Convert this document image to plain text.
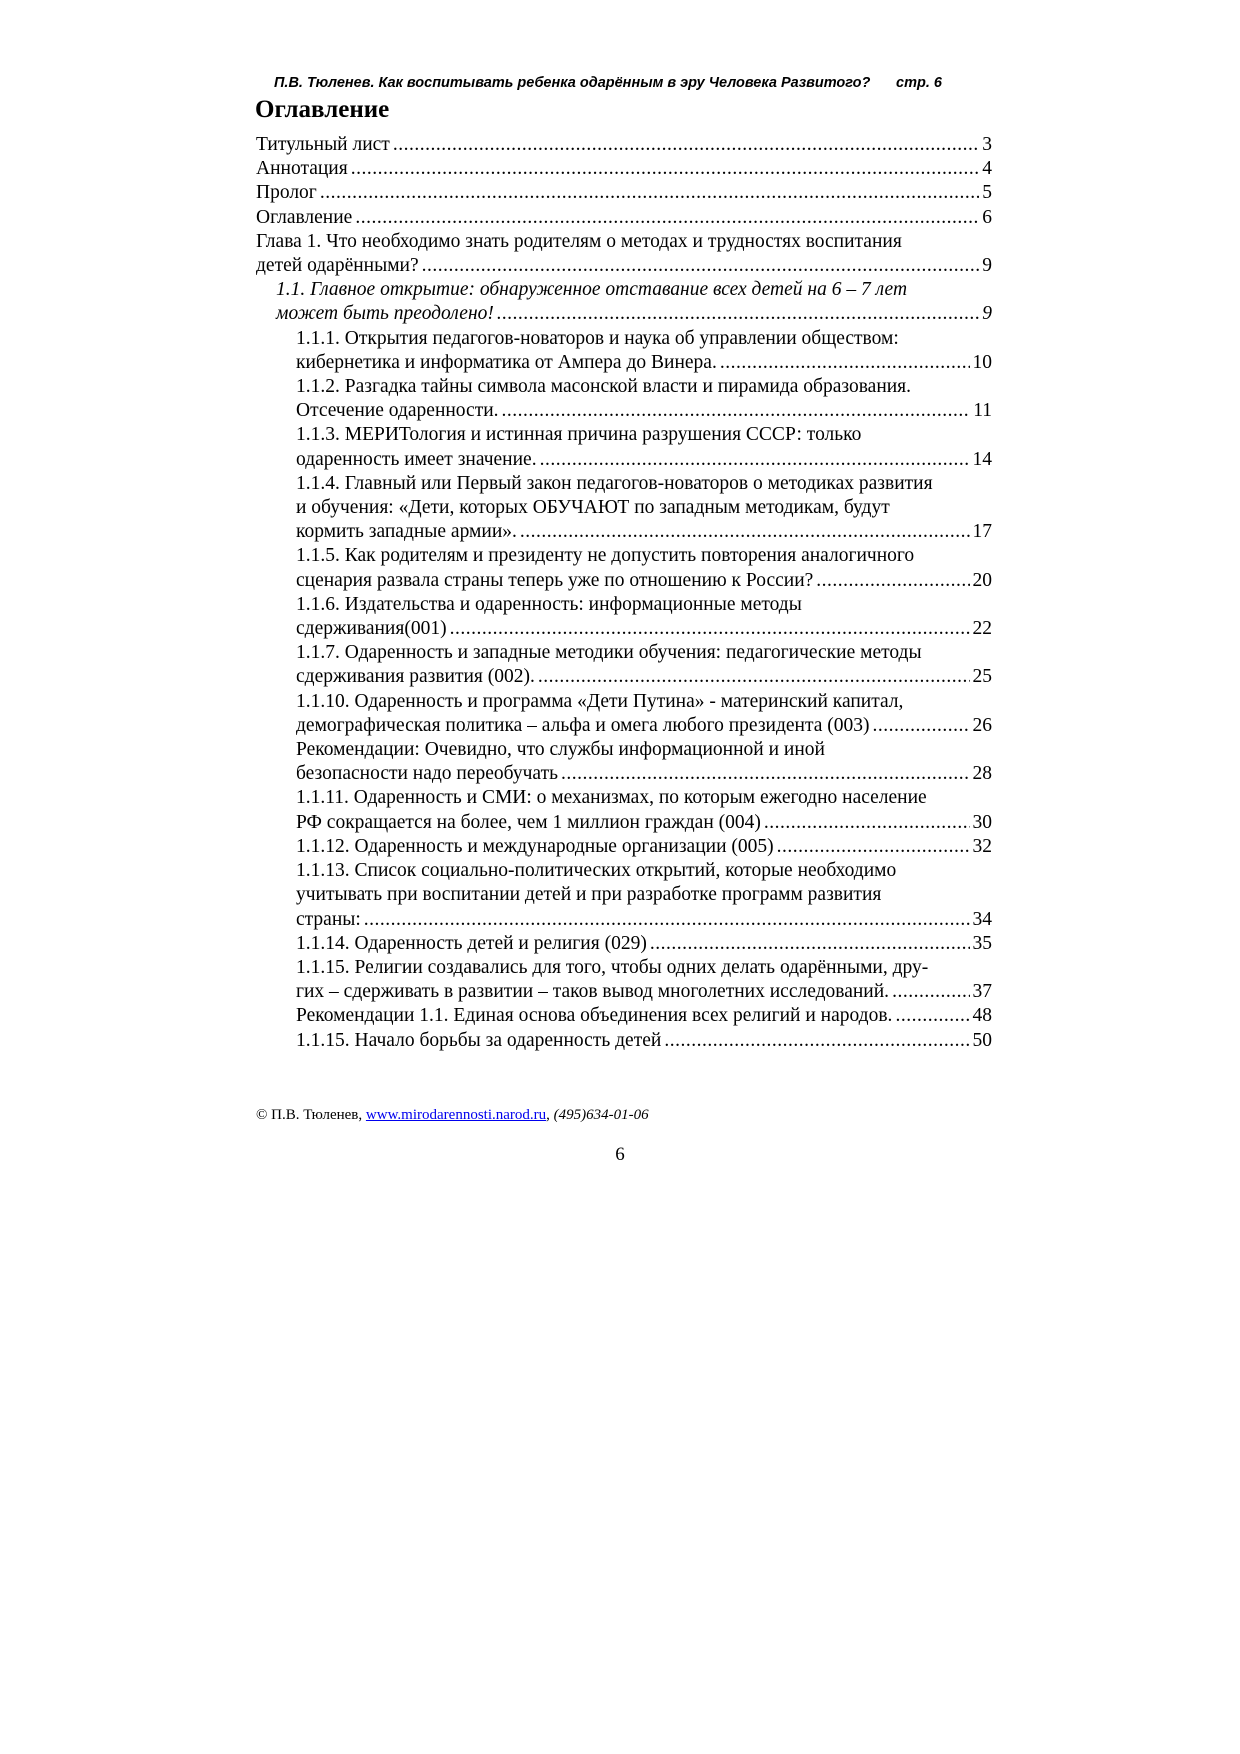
П.В. Тюленев. Как воспитывать ребенка одарённым в эру Человека Развитого? стр. 6
Оглавление
Титульный лист .....	3
Аннотация .....	4
Пролог .....	5
Оглавление .....	6
Глава 1. Что необходимо знать родителям о методах и трудностях воспитания
детей одарёнными? .....	9
1.1. Главное открытие: обнаруженное отставание всех детей на 6 – 7 лет
может быть преодолено! .....	9
1.1.1. Открытия педагогов-новаторов и наука об управлении обществом:
кибернетика и информатика от Ампера до Винера. .....	10
1.1.2. Разгадка тайны символа масонской власти и пирамида образования.
Отсечение одаренности. .....	11
1.1.3. МЕРИТология и истинная причина разрушения СССР: только
одаренность имеет значение. .....	14
1.1.4. Главный или Первый закон педагогов-новаторов о методиках развития
и обучения: «Дети, которых ОБУЧАЮТ по западным методикам, будут
кормить западные армии». .....	17
1.1.5. Как родителям и президенту не допустить повторения аналогичного
сценария развала страны теперь уже по отношению к России? .....	20
1.1.6. Издательства и одаренность: информационные методы
сдерживания(001) .....	22
1.1.7. Одаренность и западные методики обучения: педагогические методы
сдерживания развития (002). .....	25
1.1.10. Одаренность и программа «Дети Путина» - материнский капитал,
демографическая политика – альфа и омега любого президента (003) .....	26
Рекомендации: Очевидно, что службы информационной и иной
безопасности надо переобучать .....	28
1.1.11. Одаренность и СМИ: о механизмах, по которым ежегодно население
РФ сокращается на более, чем 1 миллион граждан (004) .....	30
1.1.12. Одаренность и международные организации (005) .....	32
1.1.13. Список социально-политических открытий, которые необходимо
учитывать при воспитании детей и при разработке программ развития
страны: .....	34
1.1.14. Одаренность детей и религия (029) .....	35
1.1.15. Религии создавались для того, чтобы одних делать одарёнными, дру-
гих – сдерживать в развитии – таков вывод многолетних исследований. .....	37
Рекомендации 1.1. Единая основа объединения всех религий и народов. .....	48
1.1.15. Начало борьбы за одаренность детей .....	50
© П.В. Тюленев, www.mirodarennosti.narod.ru, (495)634-01-06
6
